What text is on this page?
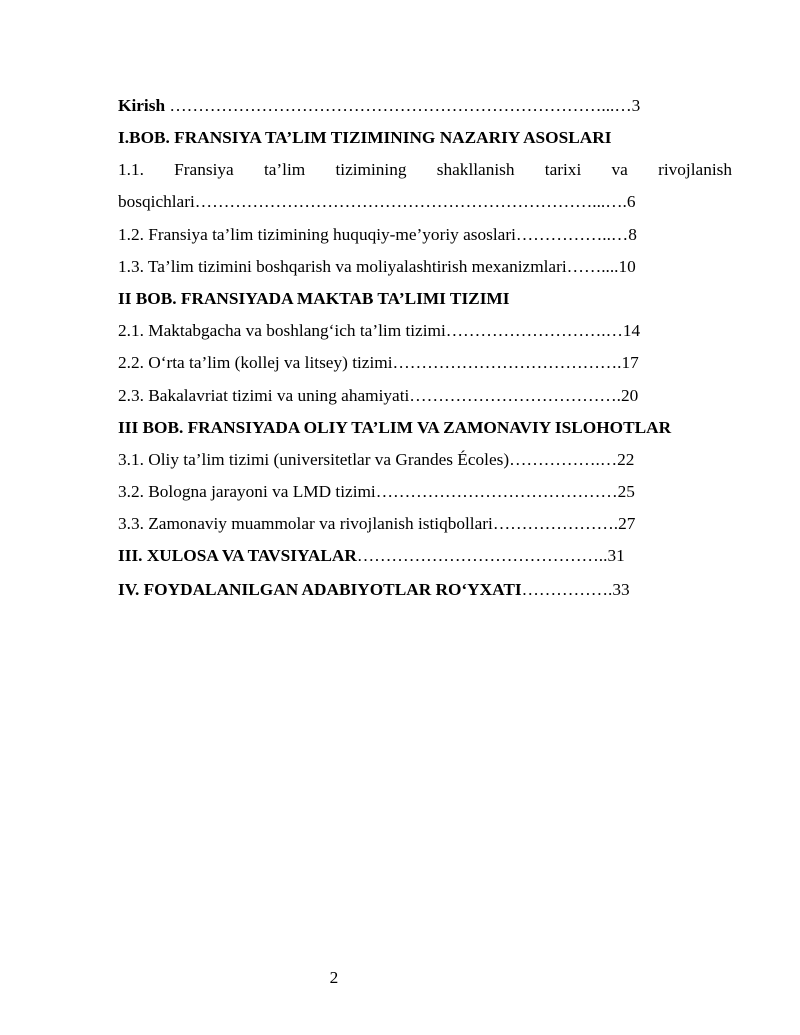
Kirish …………………………………………………………………...…3
I.BOB. FRANSIYA TA’LIM TIZIMINING NAZARIY ASOSLARI
1.1. Fransiya ta’lim tizimining shakllanish tarixi va rivojlanish
bosqichlari……………………………………………………………...….6
1.2. Fransiya ta’lim tizimining huquqiy-me’yoriy asoslari……………..…8
1.3. Ta’lim tizimini boshqarish va moliyalashtirish mexanizmlari……....10
II BOB. FRANSIYADA MAKTAB TA’LIMI TIZIMI
2.1. Maktabgacha va boshlang‘ich ta’lim tizimi……………………….…14
2.2. O‘rta ta’lim (kollej va litsey) tizimi………………………………….17
2.3. Bakalavriat tizimi va uning ahamiyati……………………………….20
III BOB. FRANSIYADA OLIY TA’LIM VA ZAMONAVIY ISLOHOTLAR
3.1. Oliy ta’lim tizimi (universitetlar va Grandes Écoles)…………….…22
3.2. Bologna jarayoni va LMD tizimi……………………………………25
3.3. Zamonaviy muammolar va rivojlanish istiqbollari………………….27
III. XULOSA VA TAVSIYALAR……………………………………..31
IV. FOYDALANILGAN ADABIYOTLAR RO‘YXATI…………….33
2
